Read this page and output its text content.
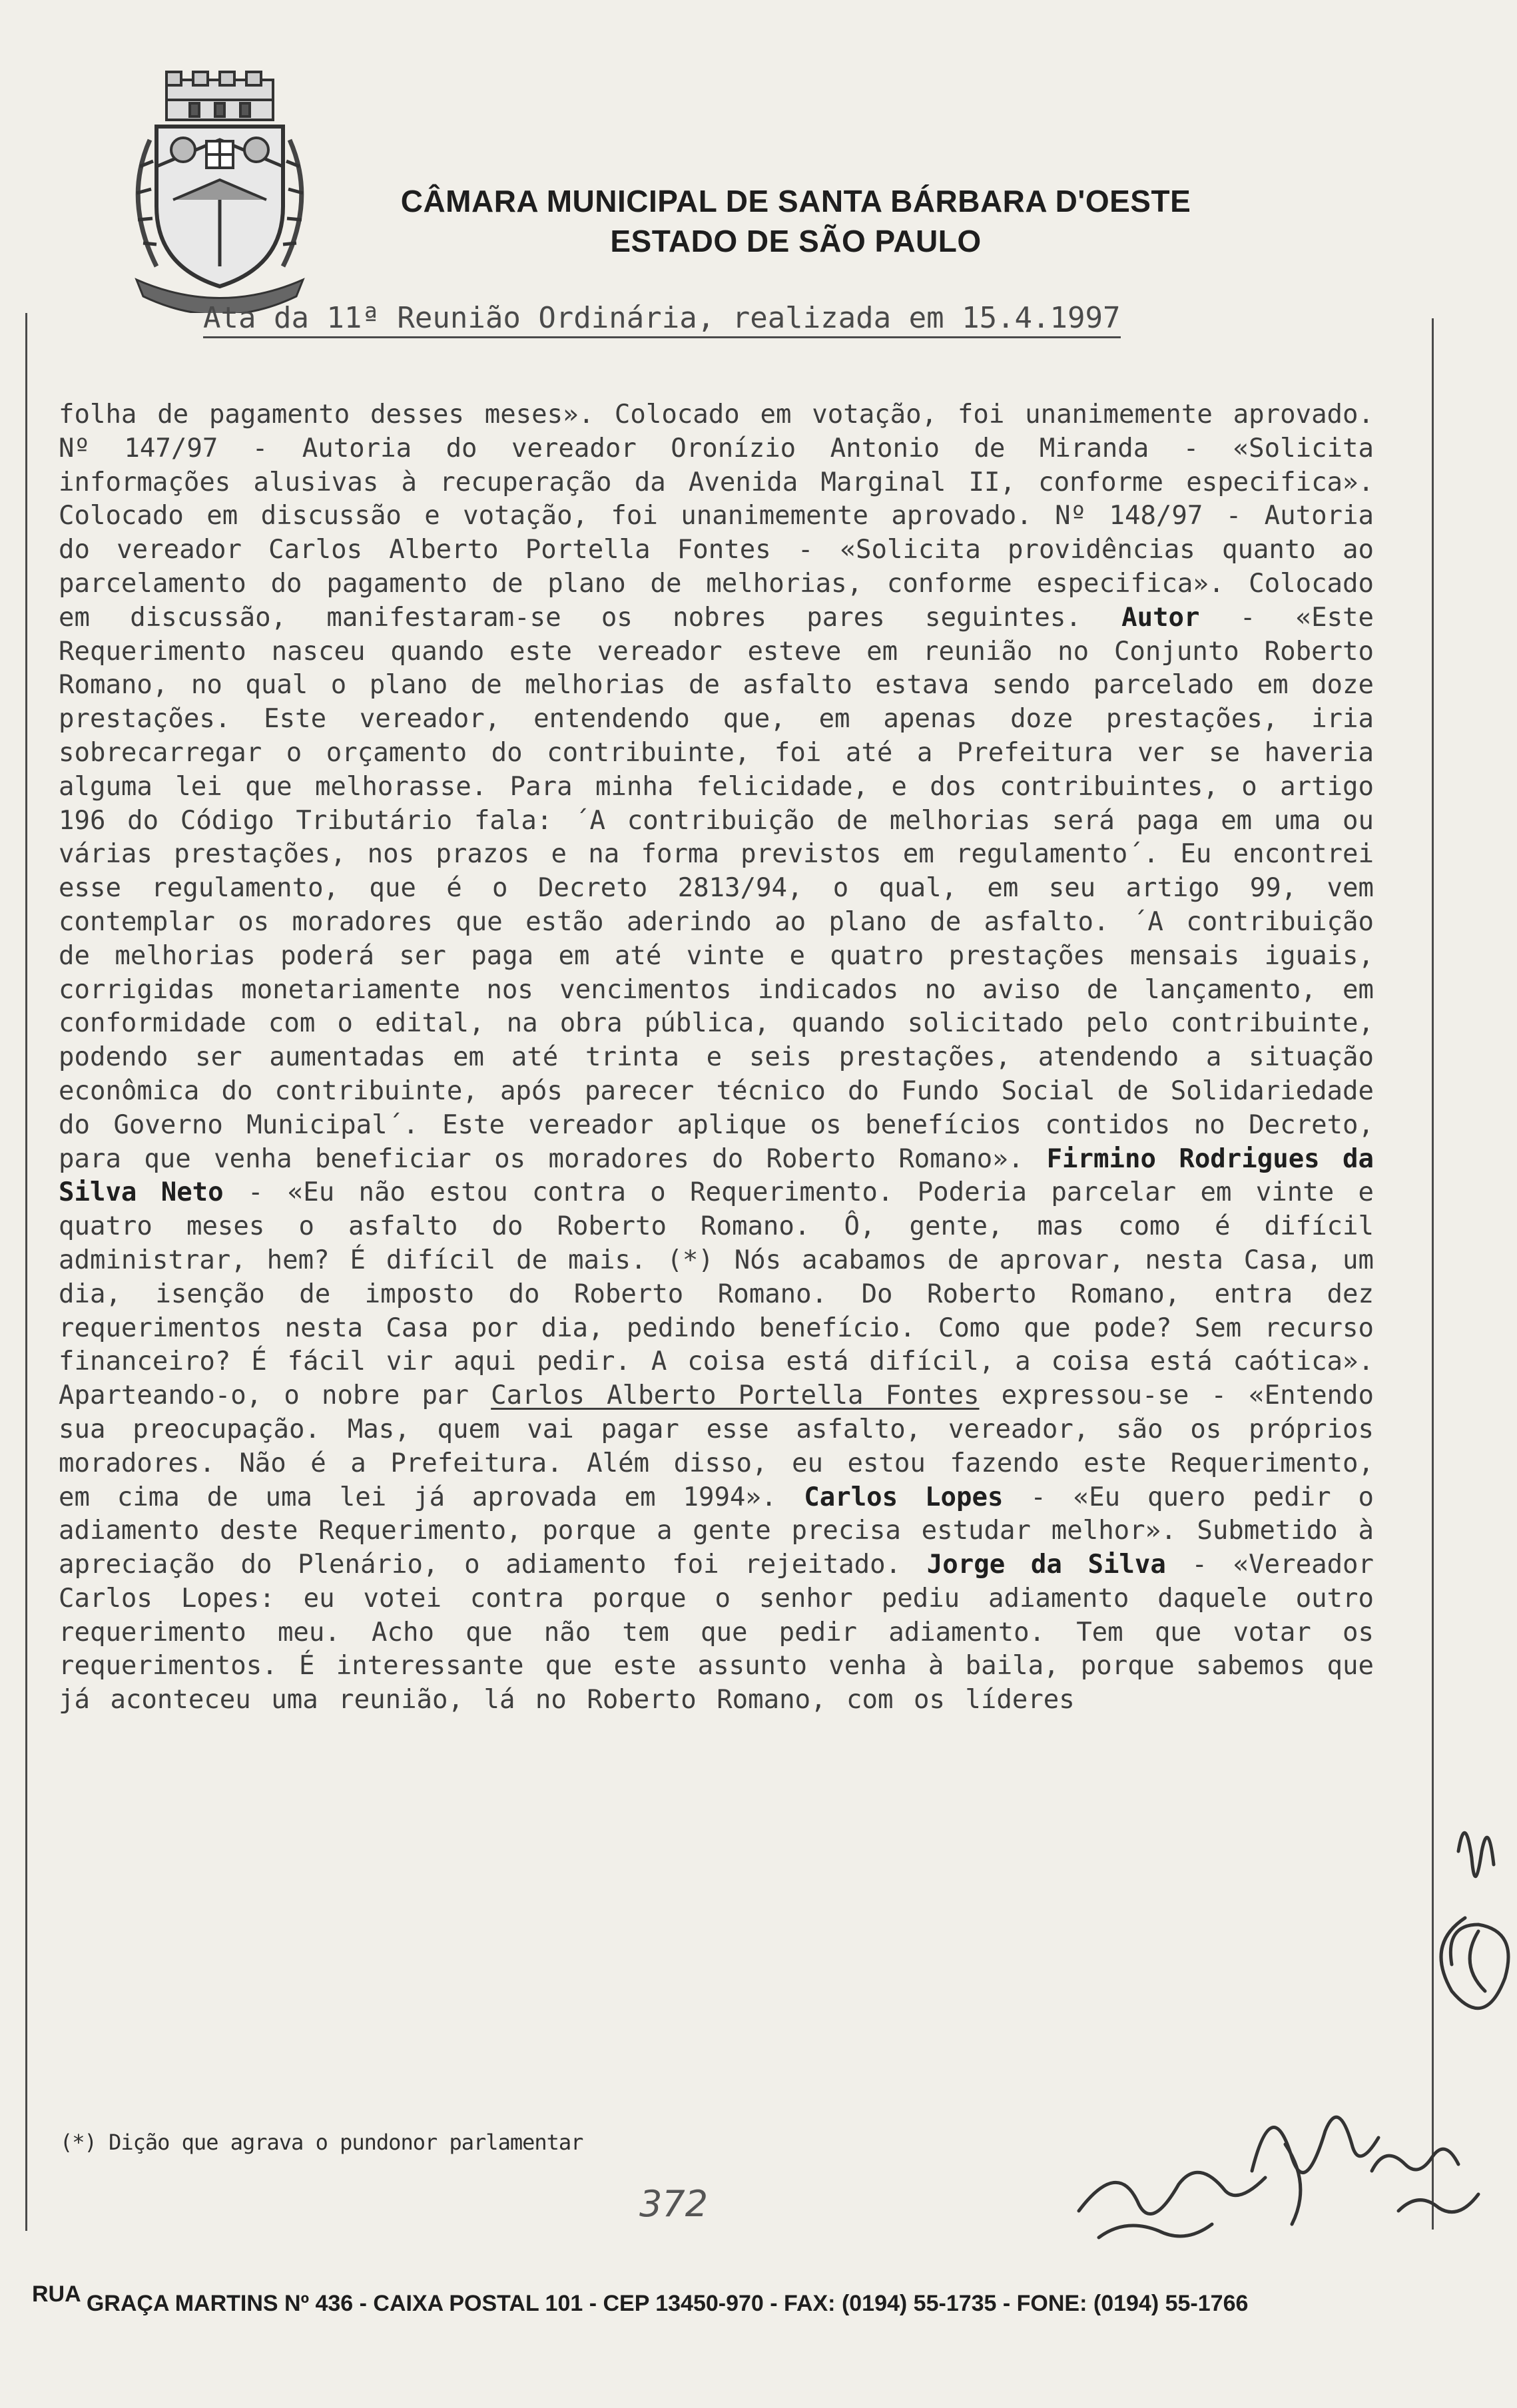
CÂMARA MUNICIPAL DE SANTA BÁRBARA D'OESTE
ESTADO DE SÃO PAULO
Ata da 11ª Reunião Ordinária, realizada em 15.4.1997
folha de pagamento desses meses». Colocado em votação, foi unanimemente aprovado. Nº 147/97 - Autoria do vereador Oronízio Antonio de Miranda - «Solicita informações alusivas à recuperação da Avenida Marginal II, conforme especifica». Colocado em discussão e votação, foi unanimemente aprovado. Nº 148/97 - Autoria do vereador Carlos Alberto Portella Fontes - «Solicita providências quanto ao parcelamento do pagamento de plano de melhorias, conforme especifica». Colocado em discussão, manifestaram-se os nobres pares seguintes. Autor - «Este Requerimento nasceu quando este vereador esteve em reunião no Conjunto Roberto Romano, no qual o plano de melhorias de asfalto estava sendo parcelado em doze prestações. Este vereador, entendendo que, em apenas doze prestações, iria sobrecarregar o orçamento do contribuinte, foi até a Prefeitura ver se haveria alguma lei que melhorasse. Para minha felicidade, e dos contribuintes, o artigo 196 do Código Tributário fala: ´A contribuição de melhorias será paga em uma ou várias prestações, nos prazos e na forma previstos em regulamento´. Eu encontrei esse regulamento, que é o Decreto 2813/94, o qual, em seu artigo 99, vem contemplar os moradores que estão aderindo ao plano de asfalto. ´A contribuição de melhorias poderá ser paga em até vinte e quatro prestações mensais iguais, corrigidas monetariamente nos vencimentos indicados no aviso de lançamento, em conformidade com o edital, na obra pública, quando solicitado pelo contribuinte, podendo ser aumentadas em até trinta e seis prestações, atendendo a situação econômica do contribuinte, após parecer técnico do Fundo Social de Solidariedade do Governo Municipal´. Este vereador aplique os benefícios contidos no Decreto, para que venha beneficiar os moradores do Roberto Romano». Firmino Rodrigues da Silva Neto - «Eu não estou contra o Requerimento. Poderia parcelar em vinte e quatro meses o asfalto do Roberto Romano. Ô, gente, mas como é difícil administrar, hem? É difícil de mais. (*) Nós acabamos de aprovar, nesta Casa, um dia, isenção de imposto do Roberto Romano. Do Roberto Romano, entra dez requerimentos nesta Casa por dia, pedindo benefício. Como que pode? Sem recurso financeiro? É fácil vir aqui pedir. A coisa está difícil, a coisa está caótica». Aparteando-o, o nobre par Carlos Alberto Portella Fontes expressou-se - «Entendo sua preocupação. Mas, quem vai pagar esse asfalto, vereador, são os próprios moradores. Não é a Prefeitura. Além disso, eu estou fazendo este Requerimento, em cima de uma lei já aprovada em 1994». Carlos Lopes - «Eu quero pedir o adiamento deste Requerimento, porque a gente precisa estudar melhor». Submetido à apreciação do Plenário, o adiamento foi rejeitado. Jorge da Silva - «Vereador Carlos Lopes: eu votei contra porque o senhor pediu adiamento daquele outro requerimento meu. Acho que não tem que pedir adiamento. Tem que votar os requerimentos. É interessante que este assunto venha à baila, porque sabemos que já aconteceu uma reunião, lá no Roberto Romano, com os líderes
(*) Dição que agrava o pundonor parlamentar
372
RUA GRAÇA MARTINS Nº 436 - CAIXA POSTAL 101 - CEP 13450-970 - FAX: (0194) 55-1735 - FONE: (0194) 55-1766
